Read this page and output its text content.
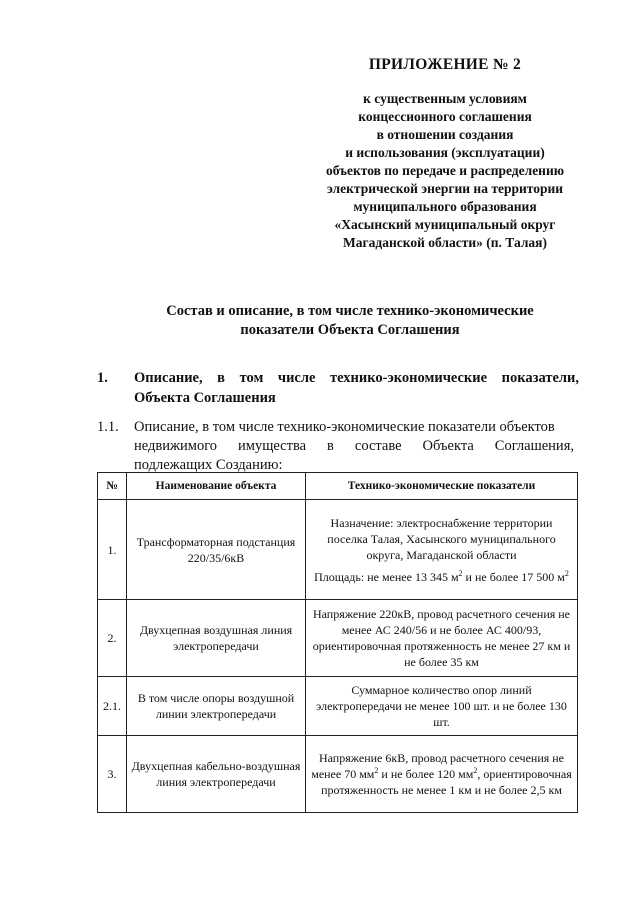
ПРИЛОЖЕНИЕ № 2
к существенным условиям
концессионного соглашения
в отношении создания
и использования (эксплуатации)
объектов по передаче и распределению
электрической энергии на территории
муниципального образования
«Хасынский муниципальный округ
Магаданской области» (п. Талая)
Состав и описание, в том числе технико-экономические
показатели Объекта Соглашения
1. Описание, в том числе технико-экономические показатели,
Объекта Соглашения
1.1. Описание, в том числе технико-экономические показатели объектов
недвижимого имущества в составе Объекта Соглашения,
подлежащих Созданию:
№	Наименование объекта	Технико-экономические показатели
1.	Трансформаторная подстанция 220/35/6кВ	Назначение: электроснабжение территории поселка Талая, Хасынского муниципального округа, Магаданской области
Площадь: не менее 13 345 $м^2$ и не более 17 500 $м^2$

2.	Двухцепная воздушная линия электропередачи	Напряжение 220кВ, провод расчетного сечения не менее АС 240/56 и не более АС 400/93, ориентировочная протяженность не менее 27 км и не более 35 км
2.1.	В том числе опоры воздушной линии электропередачи	Суммарное количество опор линий электропередачи не менее 100 шт. и не более 130 шт.
3.	Двухцепная кабельно-воздушная линия электропередачи	Напряжение 6кВ, провод расчетного сечения не менее 70 $мм^2$ и не более 120 $мм^2$, ориентировочная протяженность не менее 1 км и не более 2,5 км
